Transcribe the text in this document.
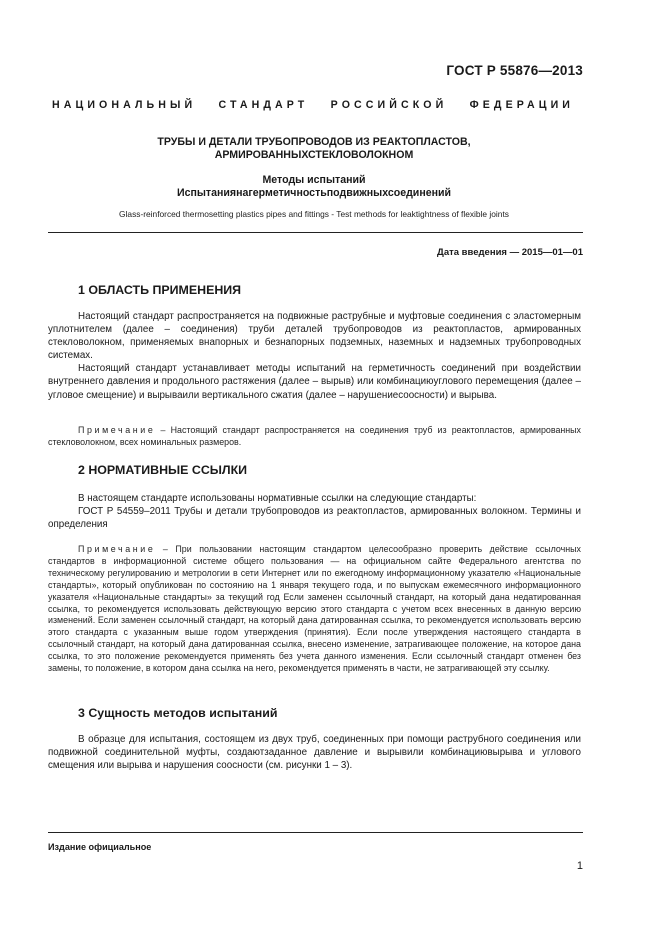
ГОСТ Р 55876—2013
НАЦИОНАЛЬНЫЙ СТАНДАРТ РОССИЙСКОЙ ФЕДЕРАЦИИ
ТРУБЫ И ДЕТАЛИ ТРУБОПРОВОДОВ ИЗ РЕАКТОПЛАСТОВ,
АРМИРОВАННЫХСТЕКЛОВОЛОКНОМ
Методы испытаний
Испытаниянагерметичностьподвижныхсоединений
Glass-reinforced thermosetting plastics pipes and fittings - Test methods for leaktightness of flexible joints
Дата введения — 2015—01—01
1 ОБЛАСТЬ ПРИМЕНЕНИЯ

Настоящий стандарт распространяется на подвижные раструбные и муфтовые соединения с эластомерным уплотнителем (далее – соединения) труби деталей трубопроводов из реактопластов, армированных стекловолокном, применяемых внапорных и безнапорных подземных, наземных и надземных трубопроводных системах.

Настоящий стандарт устанавливает методы испытаний на герметичность соединений при воздействии внутреннего давления и продольного растяжения (далее – вырыв) или комбинациюуглового перемещения (далее – угловое смещение) и вырываили вертикального сжатия (далее – нарушениесоосности) и вырыва.

Примечание – Настоящий стандарт распространяется на соединения труб из реактопластов, армированных стекловолокном, всех номинальных размеров.

2 НОРМАТИВНЫЕ ССЫЛКИ

В настоящем стандарте использованы нормативные ссылки на следующие стандарты:

ГОСТ Р 54559–2011 Трубы и детали трубопроводов из реактопластов, армированных волокном. Термины и определения

Примечание – При пользовании настоящим стандартом целесообразно проверить действие ссылочных стандартов в информационной системе общего пользования — на официальном сайте Федерального агентства по техническому регулированию и метрологии в сети Интернет или по ежегодному информационному указателю «Национальные стандарты», который опубликован по состоянию на 1 января текущего года, и по выпускам ежемесячного информационного указателя «Национальные стандарты» за текущий год Если заменен ссылочный стандарт, на который дана недатированная ссылка, то рекомендуется использовать действующую версию этого стандарта с учетом всех внесенных в данную версию изменений. Если заменен ссылочный стандарт, на который дана датированная ссылка, то рекомендуется использовать версию этого стандарта с указанным выше годом утверждения (принятия). Если после утверждения настоящего стандарта в ссылочный стандарт, на который дана датированная ссылка, внесено изменение, затрагивающее положение, на которое дана ссылка, то это положение рекомендуется применять без учета данного изменения. Если ссылочный стандарт отменен без замены, то положение, в котором дана ссылка на него, рекомендуется применять в части, не затрагивающей эту ссылку.

3 Сущность методов испытаний

В образце для испытания, состоящем из двух труб, соединенных при помощи раструбного соединения или подвижной соединительной муфты, создаютзаданное давление и вырывили комбинациювырыва и углового смещения или вырыва и нарушения соосности (см. рисунки 1 – 3).

Издание официальное
1
